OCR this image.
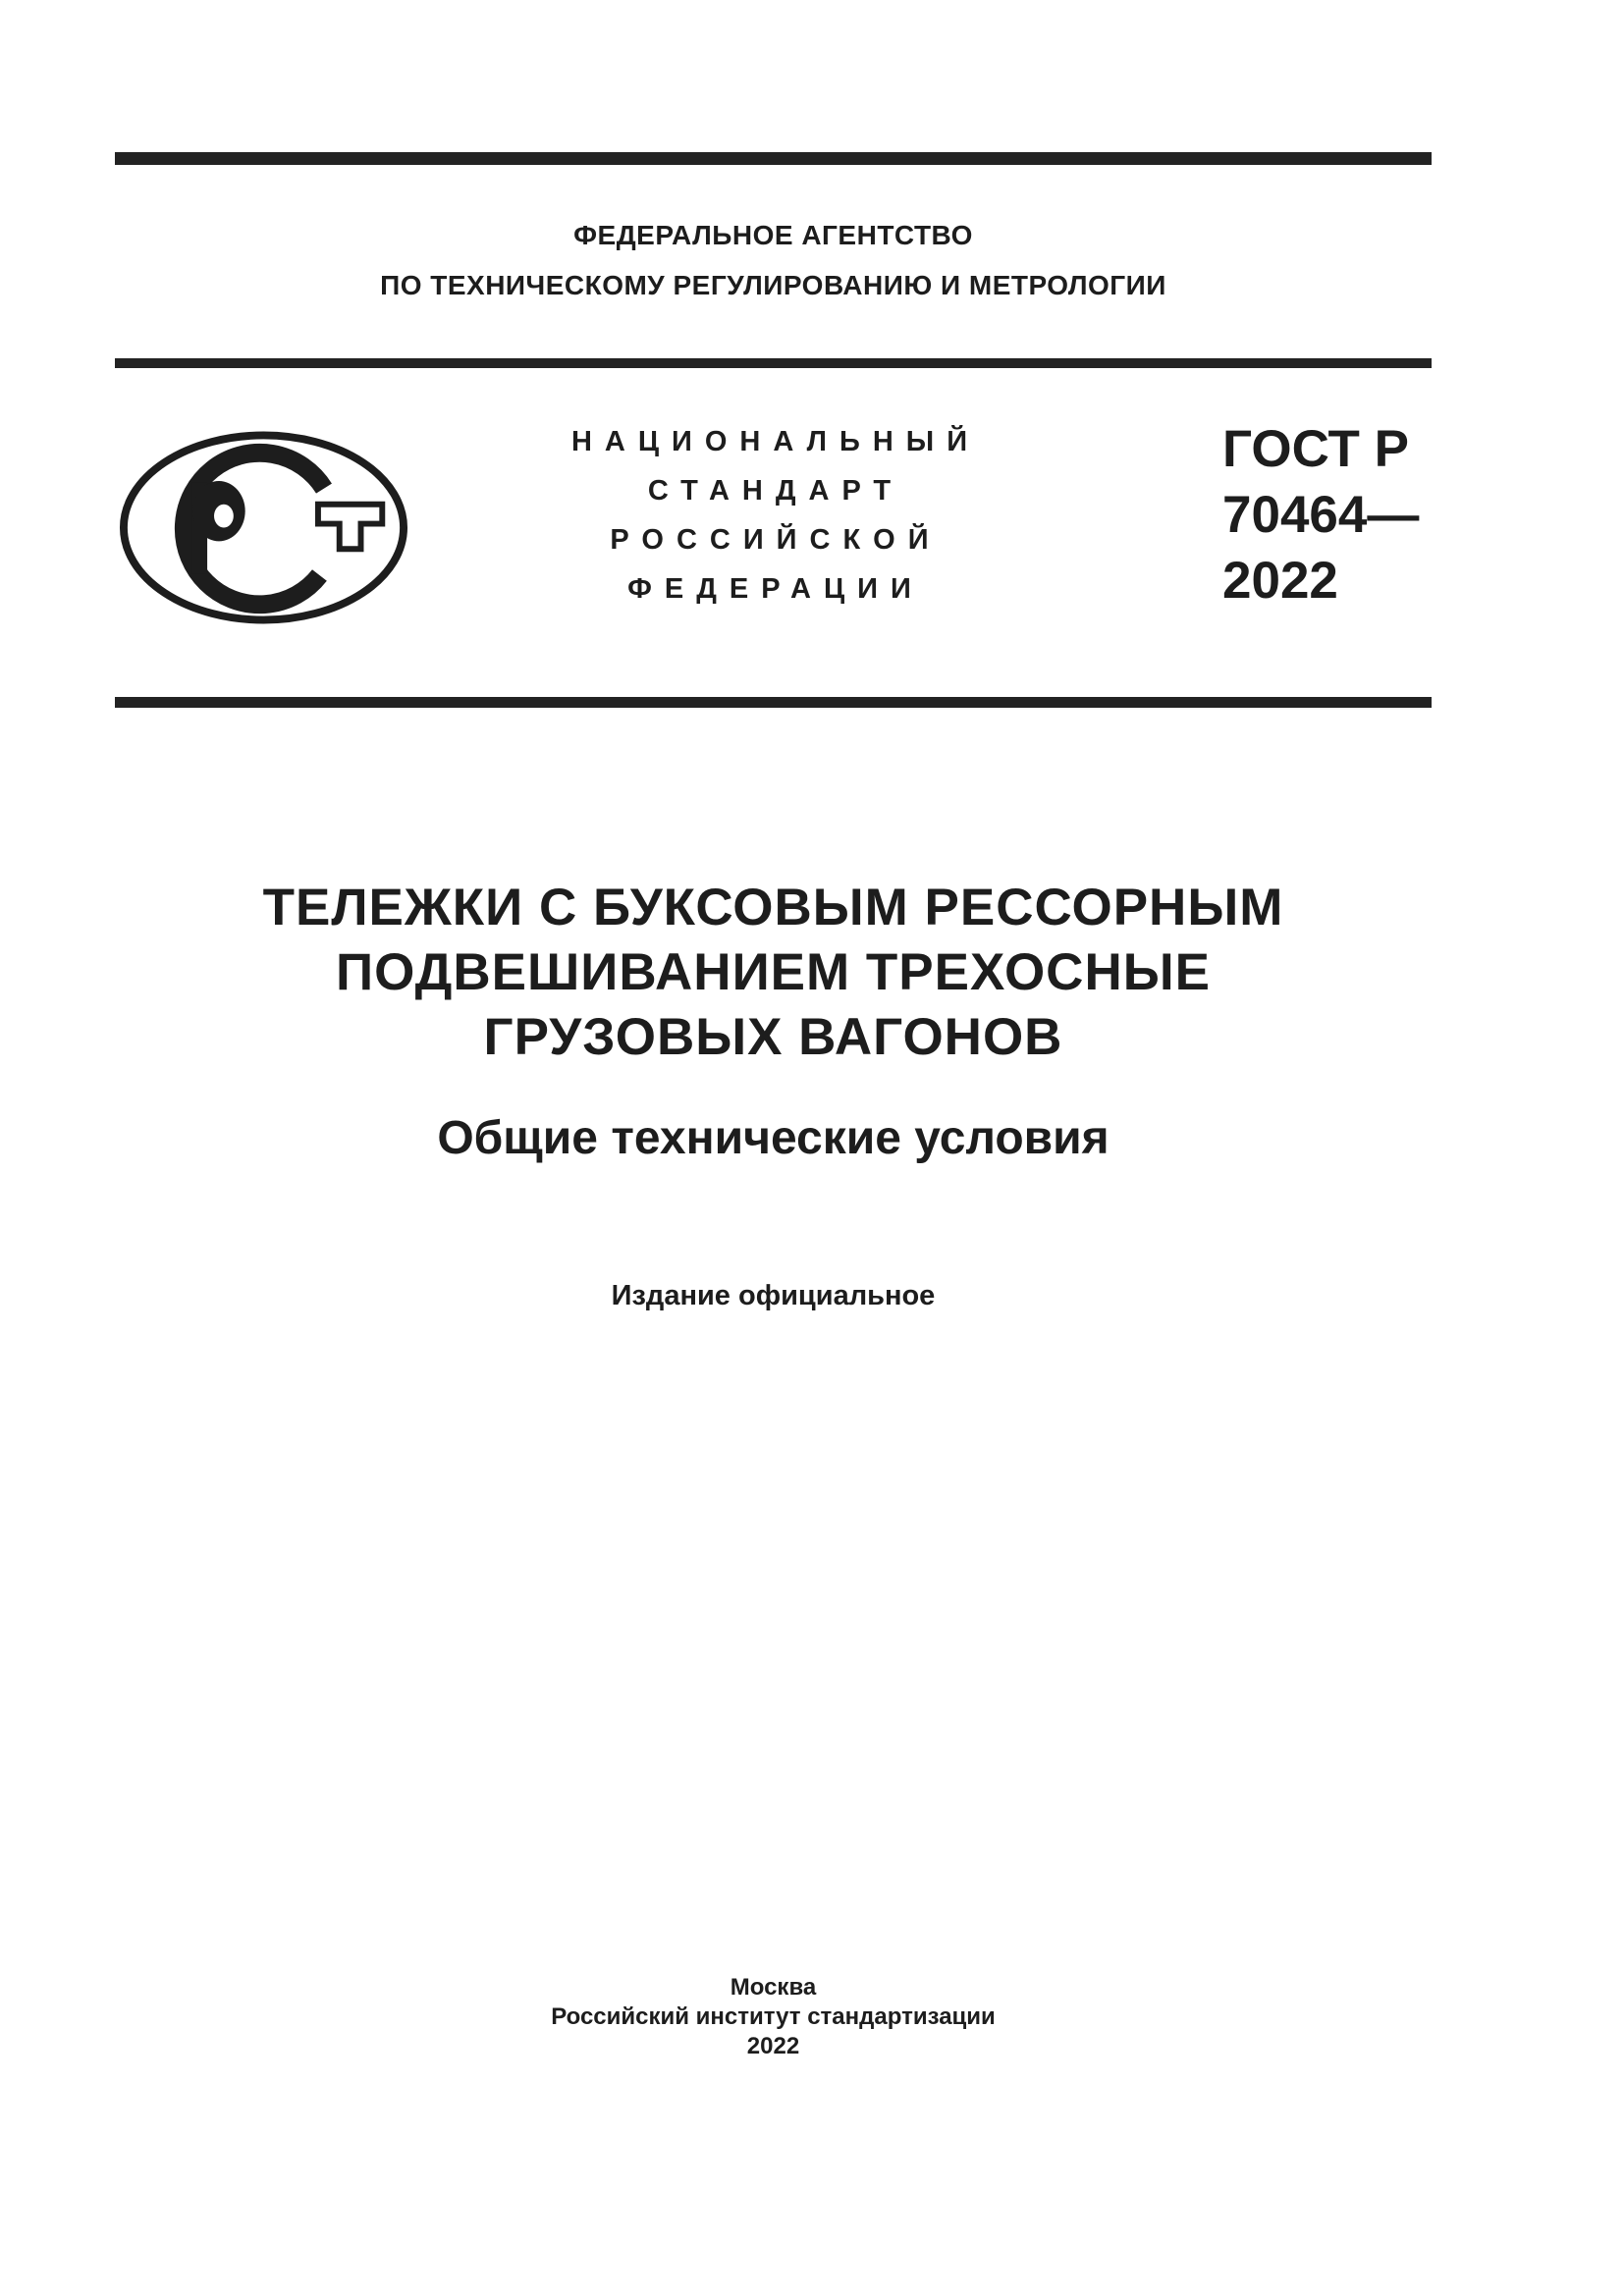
ФЕДЕРАЛЬНОЕ АГЕНТСТВО
ПО ТЕХНИЧЕСКОМУ РЕГУЛИРОВАНИЮ И МЕТРОЛОГИИ
НАЦИОНАЛЬНЫЙ
СТАНДАРТ
РОССИЙСКОЙ
ФЕДЕРАЦИИ
ГОСТ Р
70464—
2022
ТЕЛЕЖКИ С БУКСОВЫМ РЕССОРНЫМ
ПОДВЕШИВАНИЕМ ТРЕХОСНЫЕ
ГРУЗОВЫХ ВАГОНОВ
Общие технические условия
Издание официальное
Москва
Российский институт стандартизации
2022
